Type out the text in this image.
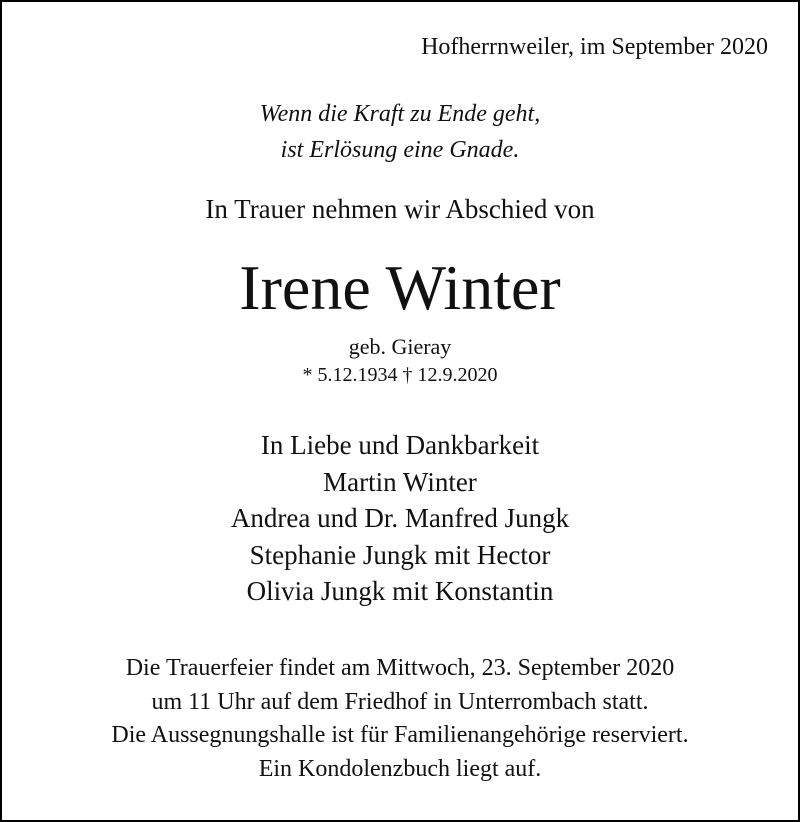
Hofherrnweiler, im September 2020
Wenn die Kraft zu Ende geht,
ist Erlösung eine Gnade.
In Trauer nehmen wir Abschied von
Irene Winter
geb. Gieray
* 5.12.1934 † 12.9.2020
In Liebe und Dankbarkeit
Martin Winter
Andrea und Dr. Manfred Jungk
Stephanie Jungk mit Hector
Olivia Jungk mit Konstantin
Die Trauerfeier findet am Mittwoch, 23. September 2020
um 11 Uhr auf dem Friedhof in Unterrombach statt.
Die Aussegnungshalle ist für Familienangehörige reserviert.
Ein Kondolenzbuch liegt auf.
